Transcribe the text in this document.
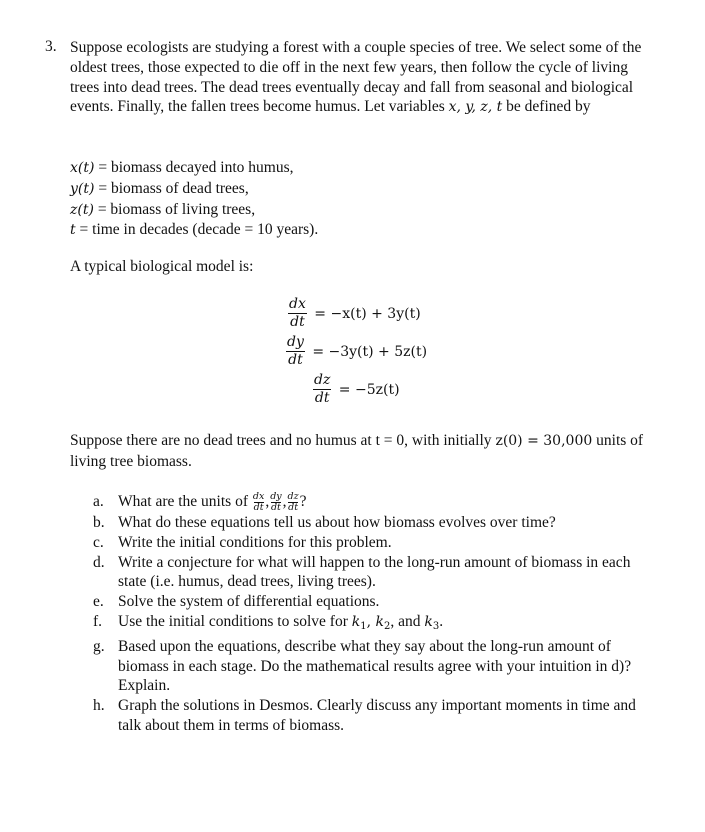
3. Suppose ecologists are studying a forest with a couple species of tree. We select some of the oldest trees, those expected to die off in the next few years, then follow the cycle of living trees into dead trees. The dead trees eventually decay and fall from seasonal and biological events. Finally, the fallen trees become humus. Let variables x, y, z, t be defined by
x(t) = biomass decayed into humus,
y(t) = biomass of dead trees,
z(t) = biomass of living trees,
t = time in decades (decade = 10 years).
A typical biological model is:
$\frac{dx}{dt} = -x(t) + 3y(t)$
$\frac{dy}{dt} = -3y(t) + 5z(t)$
$\frac{dz}{dt} = -5z(t)$
Suppose there are no dead trees and no humus at t = 0, with initially z(0) = 30,000 units of living tree biomass.
a. What are the units of $\frac{dx}{dt}$ , $\frac{dy}{dt}$ , $\frac{dz}{dt}$ ?
b. What do these equations tell us about how biomass evolves over time?
c. Write the initial conditions for this problem.
d. Write a conjecture for what will happen to the long-run amount of biomass in each state (i.e. humus, dead trees, living trees).
e. Solve the system of differential equations.
f. Use the initial conditions to solve for $k_1$, $k_2$, and $k_3$.
g. Based upon the equations, describe what they say about the long-run amount of biomass in each stage. Do the mathematical results agree with your intuition in d)? Explain.
h. Graph the solutions in Desmos. Clearly discuss any important moments in time and talk about them in terms of biomass.
